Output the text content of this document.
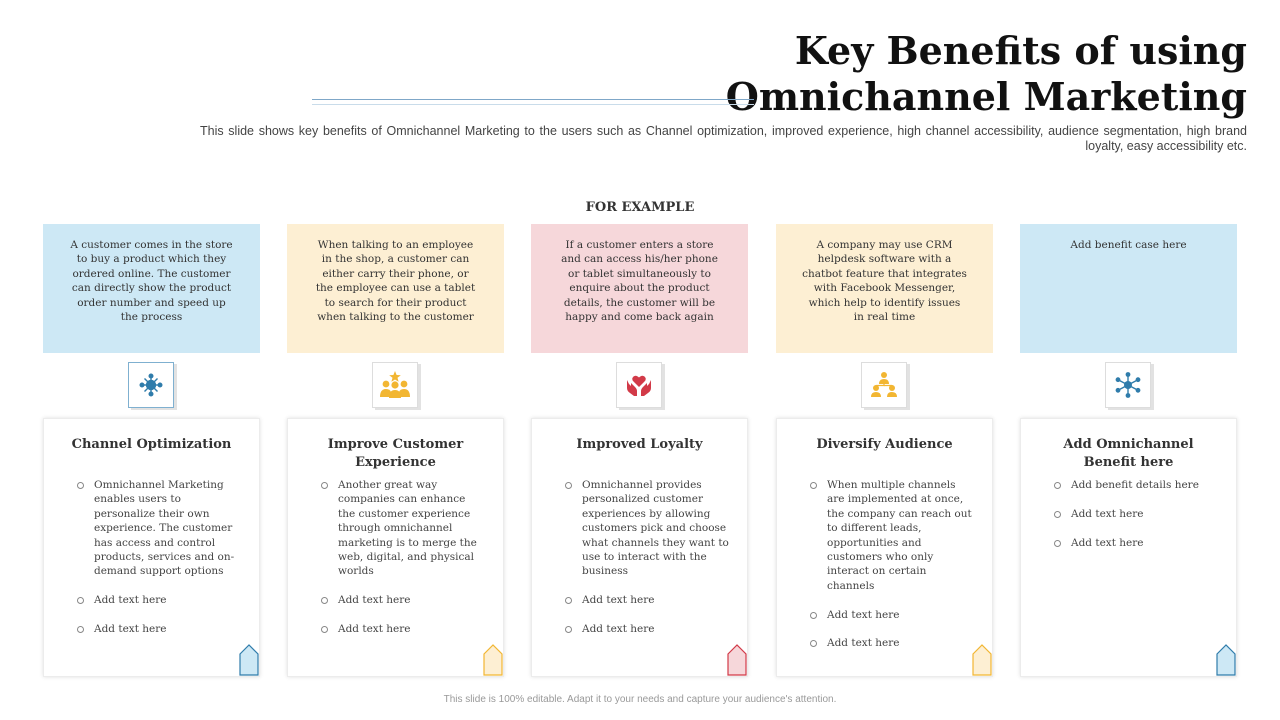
Key Benefits of using
Omnichannel Marketing

This slide shows key benefits of Omnichannel Marketing to the users such as Channel optimization, improved experience, high channel accessibility, audience segmentation, high brand loyalty, easy accessibility etc.

FOR EXAMPLE
A customer comes in the store to buy a product which they ordered online. The customer can directly show the product order number and speed up the process
Channel Optimization
Omnichannel Marketing enables users to personalize their own experience. The customer has access and control products, services and on-demand support options
Add text here
Add text here
When talking to an employee in the shop, a customer can either carry their phone, or the employee can use a tablet to search for their product when talking to the customer
Improve Customer Experience
Another great way companies can enhance the customer experience through omnichannel marketing is to merge the web, digital, and physical worlds
Add text here
Add text here
If a customer enters a store and can access his/her phone or tablet simultaneously to enquire about the product details, the customer will be happy and come back again
Improved Loyalty
Omnichannel provides personalized customer experiences by allowing customers pick and choose what channels they want to use to interact with the business
Add text here
Add text here
A company may use CRM helpdesk software with a chatbot feature that integrates with Facebook Messenger, which help to identify issues in real time
Diversify Audience
When multiple channels are implemented at once, the company can reach out to different leads, opportunities and customers who only interact on certain channels
Add text here
Add text here
Add benefit case here
Add Omnichannel Benefit here
Add benefit details here
Add text here
Add text here
This slide is 100% editable. Adapt it to your needs and capture your audience's attention.
